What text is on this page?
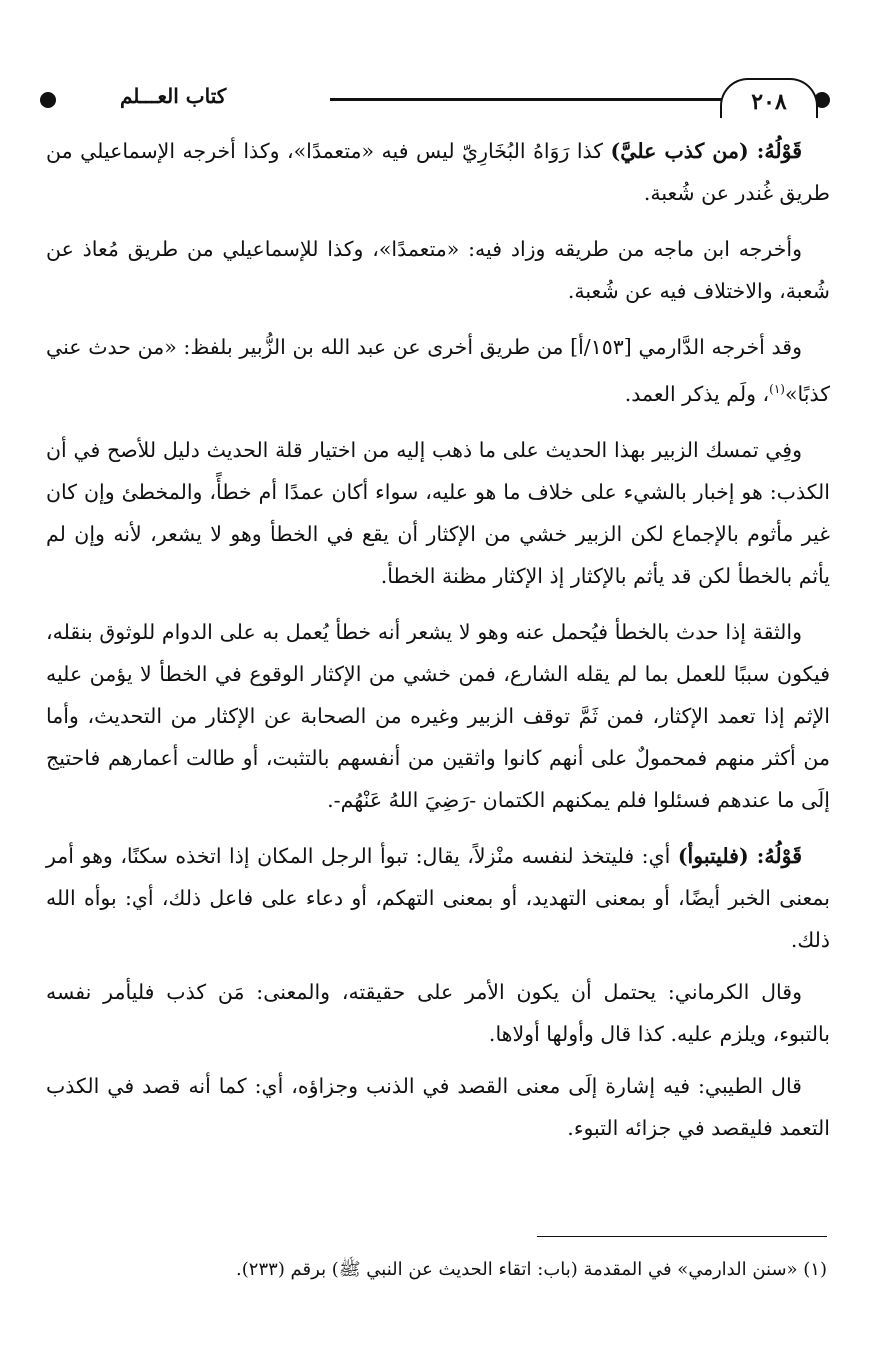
٢٠٨
كتاب العـــلم

قَوْلُهُ: (من كذب عليَّ) كذا رَوَاهُ البُخَارِيّ ليس فيه «متعمدًا»، وكذا أخرجه الإسماعيلي من طريق غُندر عن شُعبة.

وأخرجه ابن ماجه من طريقه وزاد فيه: «متعمدًا»، وكذا للإسماعيلي من طريق مُعاذ عن شُعبة، والاختلاف فيه عن شُعبة.

وقد أخرجه الدَّارمي [١٥٣/أ] من طريق أخرى عن عبد الله بن الزُّبير بلفظ: «من حدث عني كذبًا»$^{(١)}$، ولَم يذكر العمد.

وفِي تمسك الزبير بهذا الحديث على ما ذهب إليه من اختيار قلة الحديث دليل للأصح في أن الكذب: هو إخبار بالشيء على خلاف ما هو عليه، سواء أكان عمدًا أم خطأً، والمخطئ وإن كان غير مأثوم بالإجماع لكن الزبير خشي من الإكثار أن يقع في الخطأ وهو لا يشعر، لأنه وإن لم يأثم بالخطأ لكن قد يأثم بالإكثار إذ الإكثار مظنة الخطأ.

والثقة إذا حدث بالخطأ فيُحمل عنه وهو لا يشعر أنه خطأ يُعمل به على الدوام للوثوق بنقله، فيكون سببًا للعمل بما لم يقله الشارع، فمن خشي من الإكثار الوقوع في الخطأ لا يؤمن عليه الإثم إذا تعمد الإكثار، فمن ثَمَّ توقف الزبير وغيره من الصحابة عن الإكثار من التحديث، وأما من أكثر منهم فمحمولٌ على أنهم كانوا واثقين من أنفسهم بالتثبت، أو طالت أعمارهم فاحتيج إلَى ما عندهم فسئلوا فلم يمكنهم الكتمان -رَضِيَ اللهُ عَنْهُم-.

قَوْلُهُ: (فليتبوأ) أي: فليتخذ لنفسه منْزلاً، يقال: تبوأ الرجل المكان إذا اتخذه سكنًا، وهو أمر بمعنى الخبر أيضًا، أو بمعنى التهديد، أو بمعنى التهكم، أو دعاء على فاعل ذلك، أي: بوأه الله ذلك.

وقال الكرماني: يحتمل أن يكون الأمر على حقيقته، والمعنى: مَن كذب فليأمر نفسه بالتبوء، ويلزم عليه. كذا قال وأولها أولاها.

قال الطيبي: فيه إشارة إلَى معنى القصد في الذنب وجزاؤه، أي: كما أنه قصد في الكذب التعمد فليقصد في جزائه التبوء.

(١) «سنن الدارمي» في المقدمة (باب: اتقاء الحديث عن النبي ﷺ) برقم (٢٣٣).
